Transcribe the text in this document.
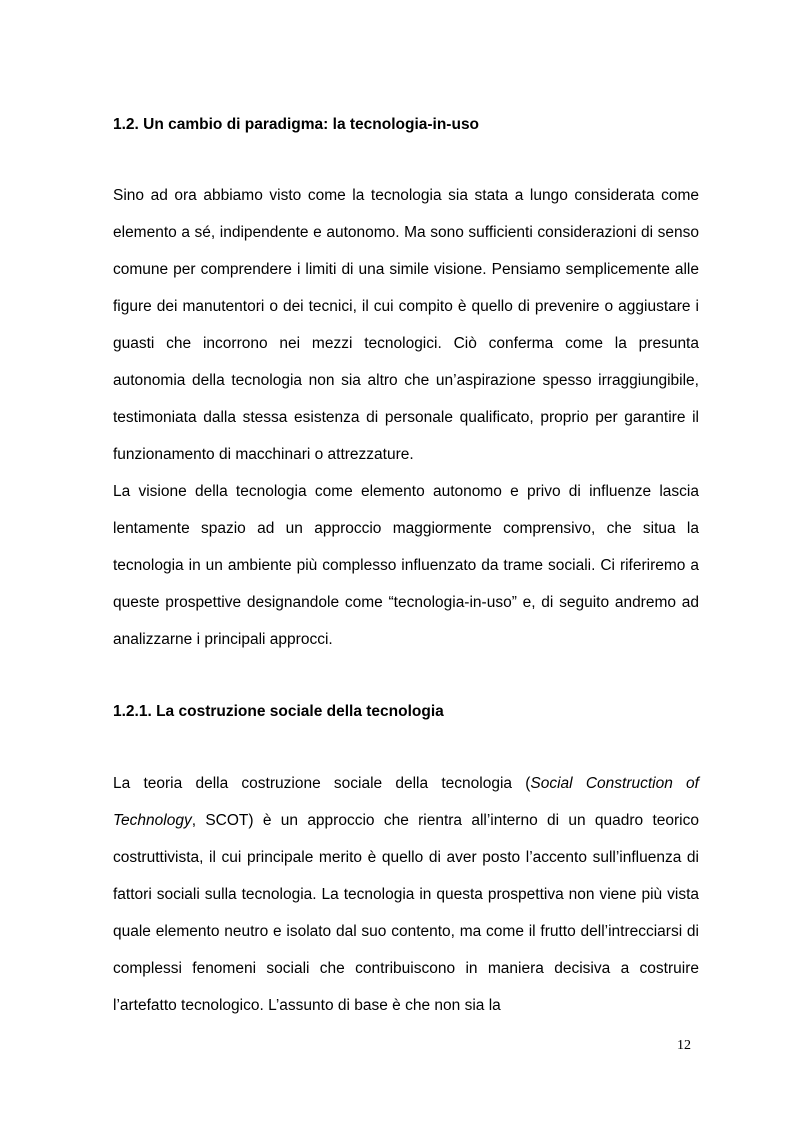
1.2. Un cambio di paradigma: la tecnologia-in-uso

Sino ad ora abbiamo visto come la tecnologia sia stata a lungo considerata come elemento a sé, indipendente e autonomo. Ma sono sufficienti considerazioni di senso comune per comprendere i limiti di una simile visione. Pensiamo semplicemente alle figure dei manutentori o dei tecnici, il cui compito è quello di prevenire o aggiustare i guasti che incorrono nei mezzi tecnologici. Ciò conferma come la presunta autonomia della tecnologia non sia altro che un’aspirazione spesso irraggiungibile, testimoniata dalla stessa esistenza di personale qualificato, proprio per garantire il funzionamento di macchinari o attrezzature.

La visione della tecnologia come elemento autonomo e privo di influenze lascia lentamente spazio ad un approccio maggiormente comprensivo, che situa la tecnologia in un ambiente più complesso influenzato da trame sociali. Ci riferiremo a queste prospettive designandole come “tecnologia-in-uso” e, di seguito andremo ad analizzarne i principali approcci.

1.2.1. La costruzione sociale della tecnologia

La teoria della costruzione sociale della tecnologia (Social Construction of Technology, SCOT) è un approccio che rientra all’interno di un quadro teorico costruttivista, il cui principale merito è quello di aver posto l’accento sull’influenza di fattori sociali sulla tecnologia. La tecnologia in questa prospettiva non viene più vista quale elemento neutro e isolato dal suo contento, ma come il frutto dell’intrecciarsi di complessi fenomeni sociali che contribuiscono in maniera decisiva a costruire l’artefatto tecnologico. L’assunto di base è che non sia la

12
